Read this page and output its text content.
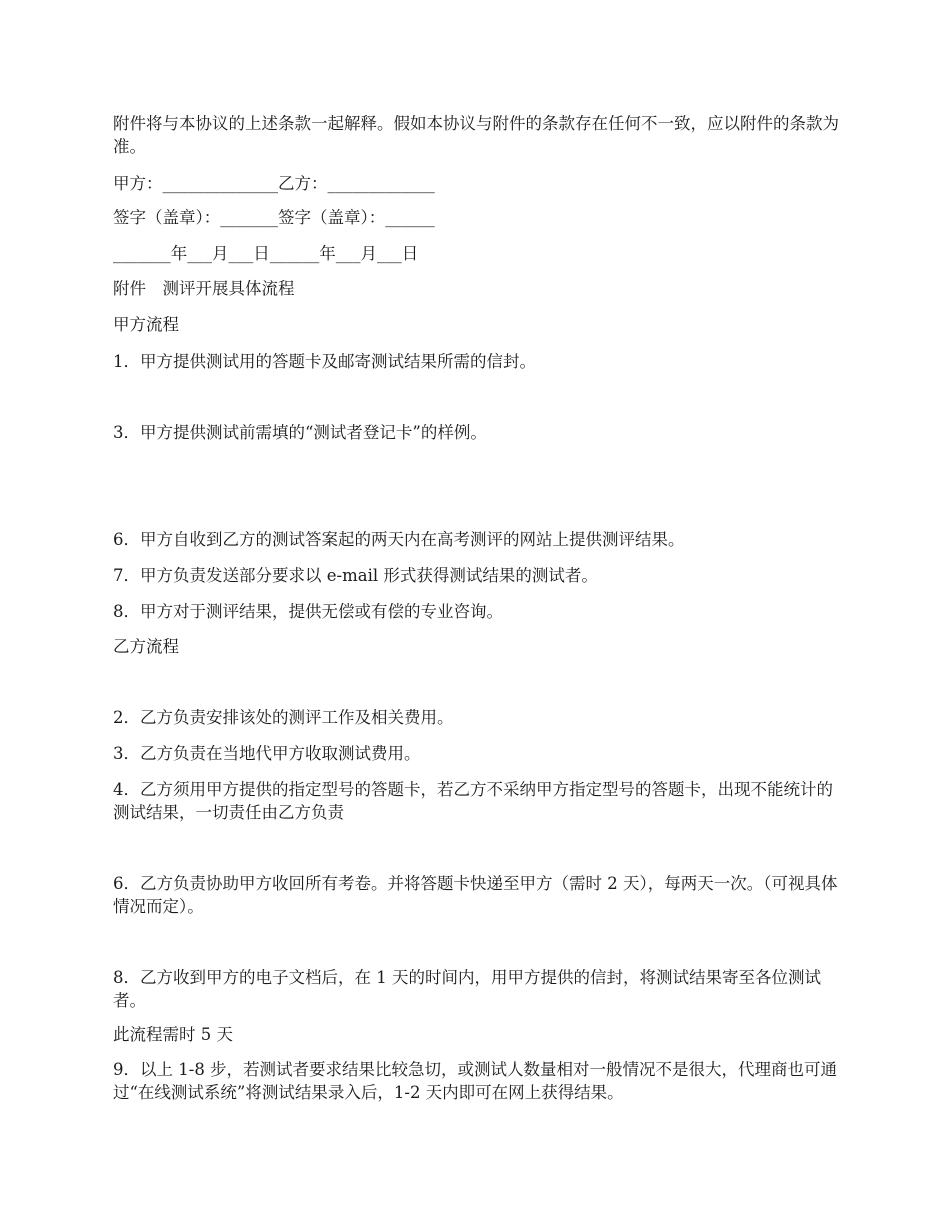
附件将与本协议的上述条款一起解释。假如本协议与附件的条款存在任何不一致，应以附件的条款为准。

甲方：______________乙方：_____________

签字（盖章）：_______签字（盖章）：______

_______年___月___日______年___月___日

附件　测评开展具体流程

甲方流程

1．甲方提供测试用的答题卡及邮寄测试结果所需的信封。

3．甲方提供测试前需填的“测试者登记卡”的样例。

6．甲方自收到乙方的测试答案起的两天内在高考测评的网站上提供测评结果。

7．甲方负责发送部分要求以 e-mail 形式获得测试结果的测试者。

8．甲方对于测评结果，提供无偿或有偿的专业咨询。

乙方流程

2．乙方负责安排该处的测评工作及相关费用。

3．乙方负责在当地代甲方收取测试费用。

4．乙方须用甲方提供的指定型号的答题卡，若乙方不采纳甲方指定型号的答题卡，出现不能统计的测试结果，一切责任由乙方负责

6．乙方负责协助甲方收回所有考卷。并将答题卡快递至甲方（需时 2 天），每两天一次。（可视具体情况而定）。

8．乙方收到甲方的电子文档后，在 1 天的时间内，用甲方提供的信封，将测试结果寄至各位测试者。

此流程需时 5 天

9．以上 1-8 步，若测试者要求结果比较急切，或测试人数量相对一般情况不是很大，代理商也可通过“在线测试系统”将测试结果录入后，1-2 天内即可在网上获得结果。
